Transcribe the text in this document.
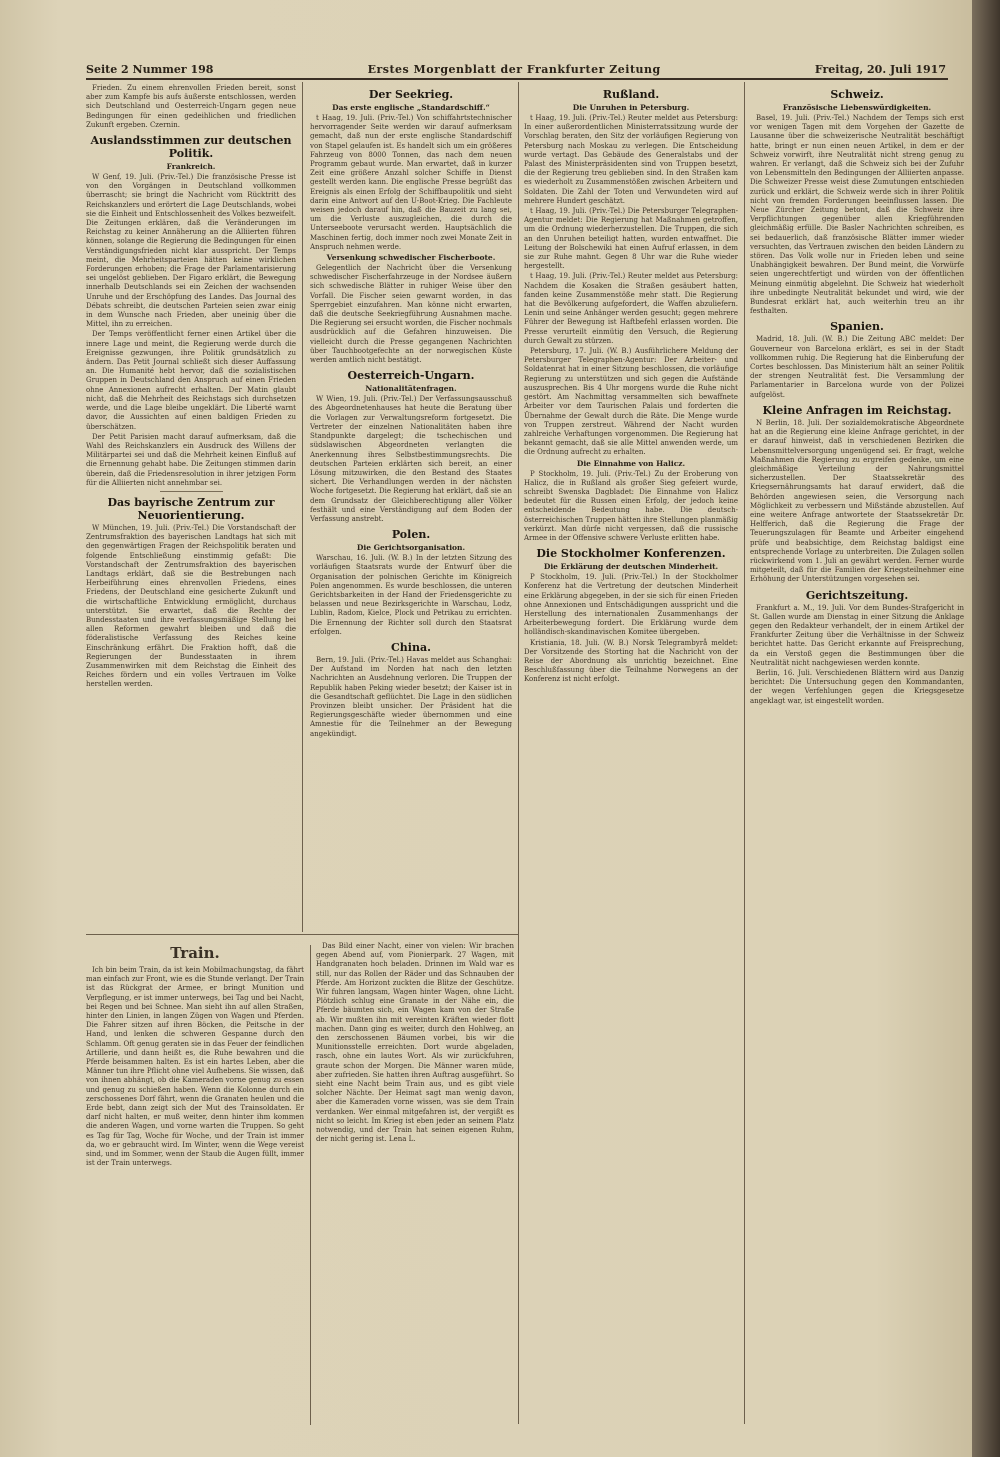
Seite 2 Nummer 198	Erstes Morgenblatt der Frankfurter Zeitung	Freitag, 20. Juli 1917

Frieden. Zu einem ehrenvollen Frieden bereit, sonst aber zum Kampfe bis aufs äußerste entschlossen, werden sich Deutschland und Oesterreich-Ungarn gegen neue Bedingungen für einen gedeihlichen und friedlichen Zukunft ergeben. Czernin.

Auslandsstimmen zur deutschen Politik.
Frankreich.

W Genf, 19. Juli. (Priv.-Tel.) Die französische Presse ist von den Vorgängen in Deutschland vollkommen überrascht; sie bringt die Nachricht vom Rücktritt des Reichskanzlers und erörtert die Lage Deutschlands, wobei sie die Einheit und Entschlossenheit des Volkes bezweifelt. Die Zeitungen erklären, daß die Veränderungen im Reichstag zu keiner Annäherung an die Alliierten führen können, solange die Regierung die Bedingungen für einen Verständigungsfrieden nicht klar ausspricht. Der Temps meint, die Mehrheitsparteien hätten keine wirklichen Forderungen erhoben; die Frage der Parlamentarisierung sei ungelöst geblieben. Der Figaro erklärt, die Bewegung innerhalb Deutschlands sei ein Zeichen der wachsenden Unruhe und der Erschöpfung des Landes. Das Journal des Débats schreibt, die deutschen Parteien seien zwar einig in dem Wunsche nach Frieden, aber uneinig über die Mittel, ihn zu erreichen.

Der Temps veröffentlicht ferner einen Artikel über die innere Lage und meint, die Regierung werde durch die Ereignisse gezwungen, ihre Politik grundsätzlich zu ändern. Das Petit Journal schließt sich dieser Auffassung an. Die Humanité hebt hervor, daß die sozialistischen Gruppen in Deutschland den Anspruch auf einen Frieden ohne Annexionen aufrecht erhalten. Der Matin glaubt nicht, daß die Mehrheit des Reichstags sich durchsetzen werde, und die Lage bleibe ungeklärt. Die Liberté warnt davor, die Aussichten auf einen baldigen Frieden zu überschätzen.

Der Petit Parisien macht darauf aufmerksam, daß die Wahl des Reichskanzlers ein Ausdruck des Willens der Militärpartei sei und daß die Mehrheit keinen Einfluß auf die Ernennung gehabt habe. Die Zeitungen stimmen darin überein, daß die Friedensresolution in ihrer jetzigen Form für die Alliierten nicht annehmbar sei.

Das bayrische Zentrum zur Neuorientierung.

W München, 19. Juli. (Priv.-Tel.) Die Vorstandschaft der Zentrumsfraktion des bayerischen Landtags hat sich mit den gegenwärtigen Fragen der Reichspolitik beraten und folgende Entschließung einstimmig gefaßt: Die Vorstandschaft der Zentrumsfraktion des bayerischen Landtags erklärt, daß sie die Bestrebungen nach Herbeiführung eines ehrenvollen Friedens, eines Friedens, der Deutschland eine gesicherte Zukunft und die wirtschaftliche Entwicklung ermöglicht, durchaus unterstützt. Sie erwartet, daß die Rechte der Bundesstaaten und ihre verfassungsmäßige Stellung bei allen Reformen gewahrt bleiben und daß die föderalistische Verfassung des Reiches keine Einschränkung erfährt. Die Fraktion hofft, daß die Regierungen der Bundesstaaten in ihrem Zusammenwirken mit dem Reichstag die Einheit des Reiches fördern und ein volles Vertrauen im Volke herstellen werden.

Der Seekrieg.
Das erste englische „Standardschiff.“

t Haag, 19. Juli. (Priv.-Tel.) Von schiffahrtstechnischer hervorragender Seite werden wir darauf aufmerksam gemacht, daß nun der erste englische Standardschiff von Stapel gelaufen ist. Es handelt sich um ein größeres Fahrzeug von 8000 Tonnen, das nach dem neuen Programm gebaut wurde. Man erwartet, daß in kurzer Zeit eine größere Anzahl solcher Schiffe in Dienst gestellt werden kann. Die englische Presse begrüßt das Ereignis als einen Erfolg der Schiffbaupolitik und sieht darin eine Antwort auf den U-Boot-Krieg. Die Fachleute weisen jedoch darauf hin, daß die Bauzeit zu lang sei, um die Verluste auszugleichen, die durch die Unterseeboote verursacht werden. Hauptsächlich die Maschinen fertig, doch immer noch zwei Monate Zeit in Anspruch nehmen werde.

Versenkung schwedischer Fischerboote.

Gelegentlich der Nachricht über die Versenkung schwedischer Fischerfahrzeuge in der Nordsee äußern sich schwedische Blätter in ruhiger Weise über den Vorfall. Die Fischer seien gewarnt worden, in das Sperrgebiet einzufahren. Man könne nicht erwarten, daß die deutsche Seekriegführung Ausnahmen mache. Die Regierung sei ersucht worden, die Fischer nochmals ausdrücklich auf die Gefahren hinzuweisen. Die vielleicht durch die Presse gegangenen Nachrichten über Tauchbootgefechte an der norwegischen Küste werden amtlich nicht bestätigt.

Oesterreich-Ungarn.
Nationalitätenfragen.

W Wien, 19. Juli. (Priv.-Tel.) Der Verfassungsausschuß des Abgeordnetenhauses hat heute die Beratung über die Vorlagen zur Verwaltungsreform fortgesetzt. Die Vertreter der einzelnen Nationalitäten haben ihre Standpunkte dargelegt; die tschechischen und südslawischen Abgeordneten verlangten die Anerkennung ihres Selbstbestimmungsrechts. Die deutschen Parteien erklärten sich bereit, an einer Lösung mitzuwirken, die den Bestand des Staates sichert. Die Verhandlungen werden in der nächsten Woche fortgesetzt. Die Regierung hat erklärt, daß sie an dem Grundsatz der Gleichberechtigung aller Völker festhält und eine Verständigung auf dem Boden der Verfassung anstrebt.

Polen.
Die Gerichtsorganisation.

Warschau, 16. Juli. (W. B.) In der letzten Sitzung des vorläufigen Staatsrats wurde der Entwurf über die Organisation der polnischen Gerichte im Königreich Polen angenommen. Es wurde beschlossen, die unteren Gerichtsbarkeiten in der Hand der Friedensgerichte zu belassen und neue Bezirksgerichte in Warschau, Lodz, Lublin, Radom, Kielce, Plock und Petrikau zu errichten. Die Ernennung der Richter soll durch den Staatsrat erfolgen.

China.

Bern, 19. Juli. (Priv.-Tel.) Havas meldet aus Schanghai: Der Aufstand im Norden hat nach den letzten Nachrichten an Ausdehnung verloren. Die Truppen der Republik haben Peking wieder besetzt; der Kaiser ist in die Gesandtschaft geflüchtet. Die Lage in den südlichen Provinzen bleibt unsicher. Der Präsident hat die Regierungsgeschäfte wieder übernommen und eine Amnestie für die Teilnehmer an der Bewegung angekündigt.

Rußland.
Die Unruhen in Petersburg.

t Haag, 19. Juli. (Priv.-Tel.) Reuter meldet aus Petersburg: In einer außerordentlichen Ministerratssitzung wurde der Vorschlag beraten, den Sitz der vorläufigen Regierung von Petersburg nach Moskau zu verlegen. Die Entscheidung wurde vertagt. Das Gebäude des Generalstabs und der Palast des Ministerpräsidenten sind von Truppen besetzt, die der Regierung treu geblieben sind. In den Straßen kam es wiederholt zu Zusammenstößen zwischen Arbeitern und Soldaten. Die Zahl der Toten und Verwundeten wird auf mehrere Hundert geschätzt.

t Haag, 19. Juli. (Priv.-Tel.) Die Petersburger Telegraphen-Agentur meldet: Die Regierung hat Maßnahmen getroffen, um die Ordnung wiederherzustellen. Die Truppen, die sich an den Unruhen beteiligt hatten, wurden entwaffnet. Die Leitung der Bolschewiki hat einen Aufruf erlassen, in dem sie zur Ruhe mahnt. Gegen 8 Uhr war die Ruhe wieder hergestellt.

t Haag, 19. Juli. (Priv.-Tel.) Reuter meldet aus Petersburg: Nachdem die Kosaken die Straßen gesäubert hatten, fanden keine Zusammenstöße mehr statt. Die Regierung hat die Bevölkerung aufgefordert, die Waffen abzuliefern. Lenin und seine Anhänger werden gesucht; gegen mehrere Führer der Bewegung ist Haftbefehl erlassen worden. Die Presse verurteilt einmütig den Versuch, die Regierung durch Gewalt zu stürzen.

Petersburg, 17. Juli. (W. B.) Ausführlichere Meldung der Petersburger Telegraphen-Agentur: Der Arbeiter- und Soldatenrat hat in einer Sitzung beschlossen, die vorläufige Regierung zu unterstützen und sich gegen die Aufstände auszusprechen. Bis 4 Uhr morgens wurde die Ruhe nicht gestört. Am Nachmittag versammelten sich bewaffnete Arbeiter vor dem Taurischen Palais und forderten die Übernahme der Gewalt durch die Räte. Die Menge wurde von Truppen zerstreut. Während der Nacht wurden zahlreiche Verhaftungen vorgenommen. Die Regierung hat bekannt gemacht, daß sie alle Mittel anwenden werde, um die Ordnung aufrecht zu erhalten.

Die Einnahme von Halicz.

P Stockholm, 19. Juli. (Priv.-Tel.) Zu der Eroberung von Halicz, die in Rußland als großer Sieg gefeiert wurde, schreibt Swenska Dagbladet: Die Einnahme von Halicz bedeutet für die Russen einen Erfolg, der jedoch keine entscheidende Bedeutung habe. Die deutsch-österreichischen Truppen hätten ihre Stellungen planmäßig verkürzt. Man dürfe nicht vergessen, daß die russische Armee in der Offensive schwere Verluste erlitten habe.

Die Stockholmer Konferenzen.
Die Erklärung der deutschen Minderheit.

P Stockholm, 19. Juli. (Priv.-Tel.) In der Stockholmer Konferenz hat die Vertretung der deutschen Minderheit eine Erklärung abgegeben, in der sie sich für einen Frieden ohne Annexionen und Entschädigungen ausspricht und die Herstellung des internationalen Zusammenhangs der Arbeiterbewegung fordert. Die Erklärung wurde dem holländisch-skandinavischen Komitee übergeben.

Kristiania, 18. Juli. (W. B.) Norsk Telegrambyrå meldet: Der Vorsitzende des Storting hat die Nachricht von der Reise der Abordnung als unrichtig bezeichnet. Eine Beschlußfassung über die Teilnahme Norwegens an der Konferenz ist nicht erfolgt.

Schweiz.
Französische Liebenswürdigkeiten.

Basel, 19. Juli. (Priv.-Tel.) Nachdem der Temps sich erst vor wenigen Tagen mit dem Vorgehen der Gazette de Lausanne über die schweizerische Neutralität beschäftigt hatte, bringt er nun einen neuen Artikel, in dem er der Schweiz vorwirft, ihre Neutralität nicht streng genug zu wahren. Er verlangt, daß die Schweiz sich bei der Zufuhr von Lebensmitteln den Bedingungen der Alliierten anpasse. Die Schweizer Presse weist diese Zumutungen entschieden zurück und erklärt, die Schweiz werde sich in ihrer Politik nicht von fremden Forderungen beeinflussen lassen. Die Neue Zürcher Zeitung betont, daß die Schweiz ihre Verpflichtungen gegenüber allen Kriegführenden gleichmäßig erfülle. Die Basler Nachrichten schreiben, es sei bedauerlich, daß französische Blätter immer wieder versuchten, das Vertrauen zwischen den beiden Ländern zu stören. Das Volk wolle nur in Frieden leben und seine Unabhängigkeit bewahren. Der Bund meint, die Vorwürfe seien ungerechtfertigt und würden von der öffentlichen Meinung einmütig abgelehnt. Die Schweiz hat wiederholt ihre unbedingte Neutralität bekundet und wird, wie der Bundesrat erklärt hat, auch weiterhin treu an ihr festhalten.

Spanien.

Madrid, 18. Juli. (W. B.) Die Zeitung ABC meldet: Der Gouverneur von Barcelona erklärt, es sei in der Stadt vollkommen ruhig. Die Regierung hat die Einberufung der Cortes beschlossen. Das Ministerium hält an seiner Politik der strengen Neutralität fest. Die Versammlung der Parlamentarier in Barcelona wurde von der Polizei aufgelöst.

Kleine Anfragen im Reichstag.

N Berlin, 18. Juli. Der sozialdemokratische Abgeordnete hat an die Regierung eine kleine Anfrage gerichtet, in der er darauf hinweist, daß in verschiedenen Bezirken die Lebensmittelversorgung ungenügend sei. Er fragt, welche Maßnahmen die Regierung zu ergreifen gedenke, um eine gleichmäßige Verteilung der Nahrungsmittel sicherzustellen. Der Staatssekretär des Kriegsernährungsamts hat darauf erwidert, daß die Behörden angewiesen seien, die Versorgung nach Möglichkeit zu verbessern und Mißstände abzustellen. Auf eine weitere Anfrage antwortete der Staatssekretär Dr. Helfferich, daß die Regierung die Frage der Teuerungszulagen für Beamte und Arbeiter eingehend prüfe und beabsichtige, dem Reichstag baldigst eine entsprechende Vorlage zu unterbreiten. Die Zulagen sollen rückwirkend vom 1. Juli an gewährt werden. Ferner wurde mitgeteilt, daß für die Familien der Kriegsteilnehmer eine Erhöhung der Unterstützungen vorgesehen sei.

Gerichtszeitung.

Frankfurt a. M., 19. Juli. Vor dem Bundes-Strafgericht in St. Gallen wurde am Dienstag in einer Sitzung die Anklage gegen den Redakteur verhandelt, der in einem Artikel der Frankfurter Zeitung über die Verhältnisse in der Schweiz berichtet hatte. Das Gericht erkannte auf Freisprechung, da ein Verstoß gegen die Bestimmungen über die Neutralität nicht nachgewiesen werden konnte.

Berlin, 16. Juli. Verschiedenen Blättern wird aus Danzig berichtet: Die Untersuchung gegen den Kommandanten, der wegen Verfehlungen gegen die Kriegsgesetze angeklagt war, ist eingestellt worden.

Train.

Ich bin beim Train, da ist kein Mobilmachungstag, da fährt man einfach zur Front, wie es die Stunde verlangt. Der Train ist das Rückgrat der Armee, er bringt Munition und Verpflegung, er ist immer unterwegs, bei Tag und bei Nacht, bei Regen und bei Schnee. Man sieht ihn auf allen Straßen, hinter den Linien, in langen Zügen von Wagen und Pferden. Die Fahrer sitzen auf ihren Böcken, die Peitsche in der Hand, und lenken die schweren Gespanne durch den Schlamm. Oft genug geraten sie in das Feuer der feindlichen Artillerie, und dann heißt es, die Ruhe bewahren und die Pferde beisammen halten. Es ist ein hartes Leben, aber die Männer tun ihre Pflicht ohne viel Aufhebens. Sie wissen, daß von ihnen abhängt, ob die Kameraden vorne genug zu essen und genug zu schießen haben. Wenn die Kolonne durch ein zerschossenes Dorf fährt, wenn die Granaten heulen und die Erde bebt, dann zeigt sich der Mut des Trainsoldaten. Er darf nicht halten, er muß weiter, denn hinter ihm kommen die anderen Wagen, und vorne warten die Truppen. So geht es Tag für Tag, Woche für Woche, und der Train ist immer da, wo er gebraucht wird. Im Winter, wenn die Wege vereist sind, und im Sommer, wenn der Staub die Augen füllt, immer ist der Train unterwegs.

Das Bild einer Nacht, einer von vielen: Wir brachen gegen Abend auf, vom Pionierpark. 27 Wagen, mit Handgranaten hoch beladen. Drinnen im Wald war es still, nur das Rollen der Räder und das Schnauben der Pferde. Am Horizont zuckten die Blitze der Geschütze. Wir fuhren langsam, Wagen hinter Wagen, ohne Licht. Plötzlich schlug eine Granate in der Nähe ein, die Pferde bäumten sich, ein Wagen kam von der Straße ab. Wir mußten ihn mit vereinten Kräften wieder flott machen. Dann ging es weiter, durch den Hohlweg, an den zerschossenen Bäumen vorbei, bis wir die Munitionsstelle erreichten. Dort wurde abgeladen, rasch, ohne ein lautes Wort. Als wir zurückfuhren, graute schon der Morgen. Die Männer waren müde, aber zufrieden. Sie hatten ihren Auftrag ausgeführt. So sieht eine Nacht beim Train aus, und es gibt viele solcher Nächte. Der Heimat sagt man wenig davon, aber die Kameraden vorne wissen, was sie dem Train verdanken. Wer einmal mitgefahren ist, der vergißt es nicht so leicht. Im Krieg ist eben jeder an seinem Platz notwendig, und der Train hat seinen eigenen Ruhm, der nicht gering ist. Lena L.
